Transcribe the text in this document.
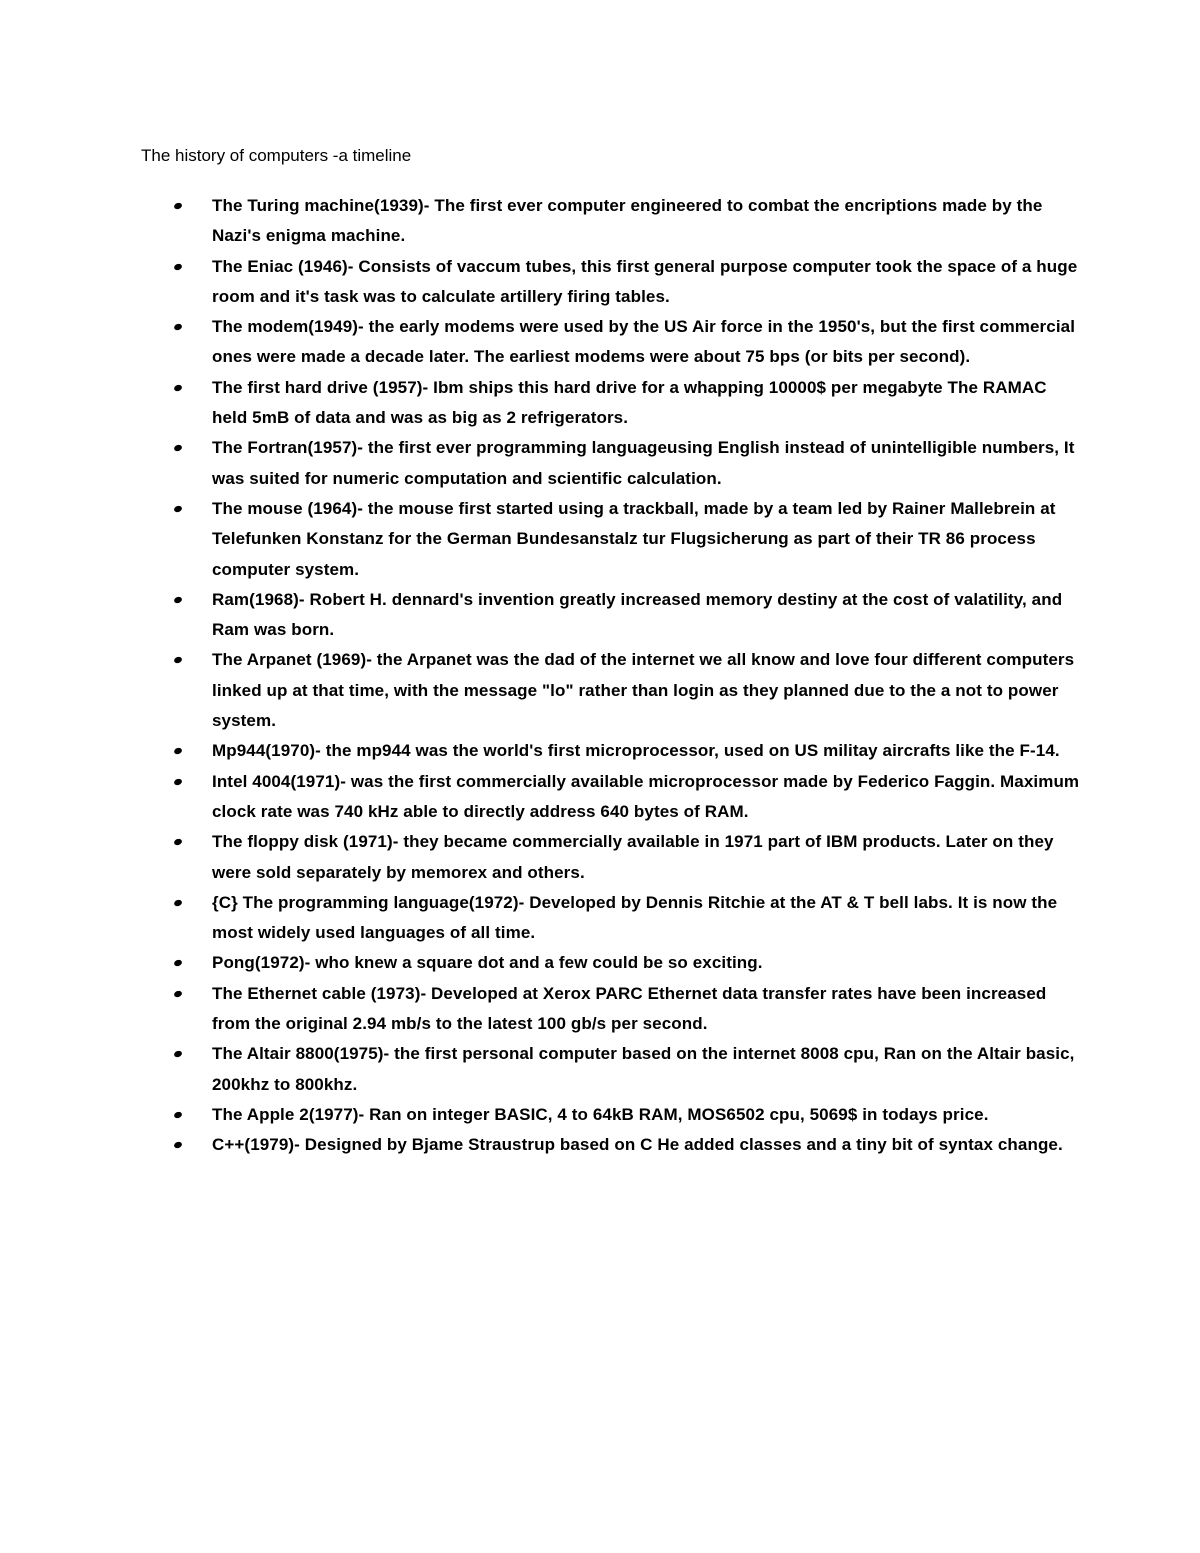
The history of computers -a timeline

The Turing machine(1939)- The first ever computer engineered to combat the encriptions made by the Nazi's enigma machine.
The Eniac (1946)- Consists of vaccum tubes, this first general purpose computer took the space of a huge room and it's task was to calculate artillery firing tables.
The modem(1949)- the early modems were used by the US Air force in the 1950's, but the first commercial ones were made a decade later. The earliest modems were about 75 bps (or bits per second).
The first hard drive (1957)- Ibm ships this hard drive for a whapping 10000$ per megabyte The RAMAC held 5mB of data and was as big as 2 refrigerators.
The Fortran(1957)- the first ever programming languageusing English instead of unintelligible numbers, It was suited for numeric computation and scientific calculation.
The mouse (1964)- the mouse first started using a trackball, made by a team led by Rainer Mallebrein at Telefunken Konstanz for the German Bundesanstalz tur Flugsicherung as part of their TR 86 process computer system.
Ram(1968)- Robert H. dennard's invention greatly increased memory destiny at the cost of valatility, and Ram was born.
The Arpanet (1969)- the Arpanet was the dad of the internet we all know and love four different computers linked up at that time, with the message "lo" rather than login as they planned due to the a not to power system.
Mp944(1970)- the mp944 was the world's first microprocessor, used on US militay aircrafts like the F-14.
Intel 4004(1971)- was the first commercially available microprocessor made by Federico Faggin. Maximum clock rate was 740 kHz able to directly address 640 bytes of RAM.
The floppy disk (1971)- they became commercially available in 1971 part of IBM products. Later on they were sold separately by memorex and others.
{C} The programming language(1972)- Developed by Dennis Ritchie at the AT & T bell labs. It is now the most widely used languages of all time.
Pong(1972)- who knew a square dot and a few could be so exciting.
The Ethernet cable (1973)- Developed at Xerox PARC Ethernet data transfer rates have been increased from the original 2.94 mb/s to the latest 100 gb/s per second.
The Altair 8800(1975)- the first personal computer based on the internet 8008 cpu, Ran on the Altair basic, 200khz to 800khz.
The Apple 2(1977)- Ran on integer BASIC, 4 to 64kB RAM, MOS6502 cpu, 5069$ in todays price.
C++(1979)- Designed by Bjame Straustrup based on C He added classes and a tiny bit of syntax change.
